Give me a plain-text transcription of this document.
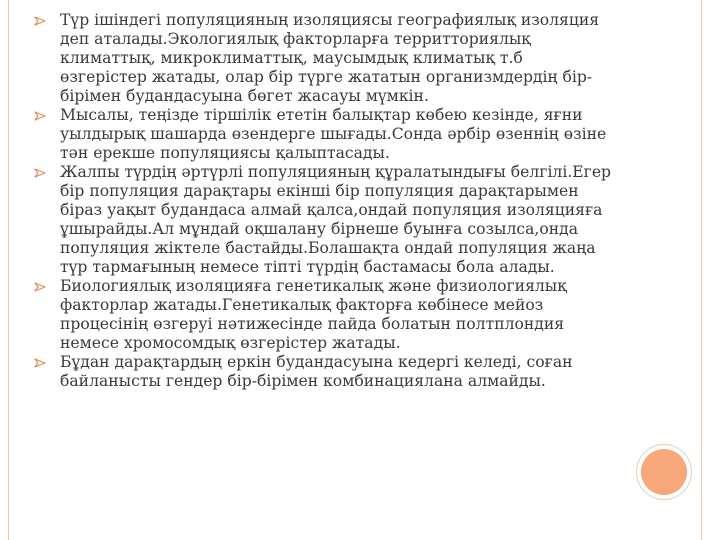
Түр ішіндегі популяцияның изоляциясы географиялық изоляция деп аталады.Экологиялық факторларға территториялық климаттық, микроклиматтық, маусымдық климатық т.б өзгерістер жатады, олар бір түрге жататын организмдердің бір-бірімен будандасуына бөгет жасауы мүмкін.
Мысалы, теңізде тіршілік ететін балықтар көбею кезінде, яғни уылдырық шашарда өзендерге шығады.Сонда әрбір өзеннің өзіне тән ерекше популяциясы қалыптасады.
Жалпы түрдің әртүрлі популяцияның құралатындығы белгілі.Егер бір популяция дарақтары екінші бір популяция дарақтарымен біраз уақыт будандаса алмай қалса,ондай популяция изоляцияға ұшырайды.Ал мұндай оқшалану бірнеше буынға созылса,онда популяция жіктеле бастайды.Болашақта ондай популяция жаңа түр тармағының немесе тіпті түрдің бастамасы бола алады.
Биологиялық изоляцияға генетикалық және физиологиялық факторлар жатады.Генетикалық факторға көбінесе мейоз процесінің өзгеруі нәтижесінде пайда болатын полтплондия немесе хромосомдық өзгерістер жатады.
Бұдан дарақтардың еркін будандасуына кедергі келеді, соған байланысты гендер бір-бірімен комбинациялана алмайды.
